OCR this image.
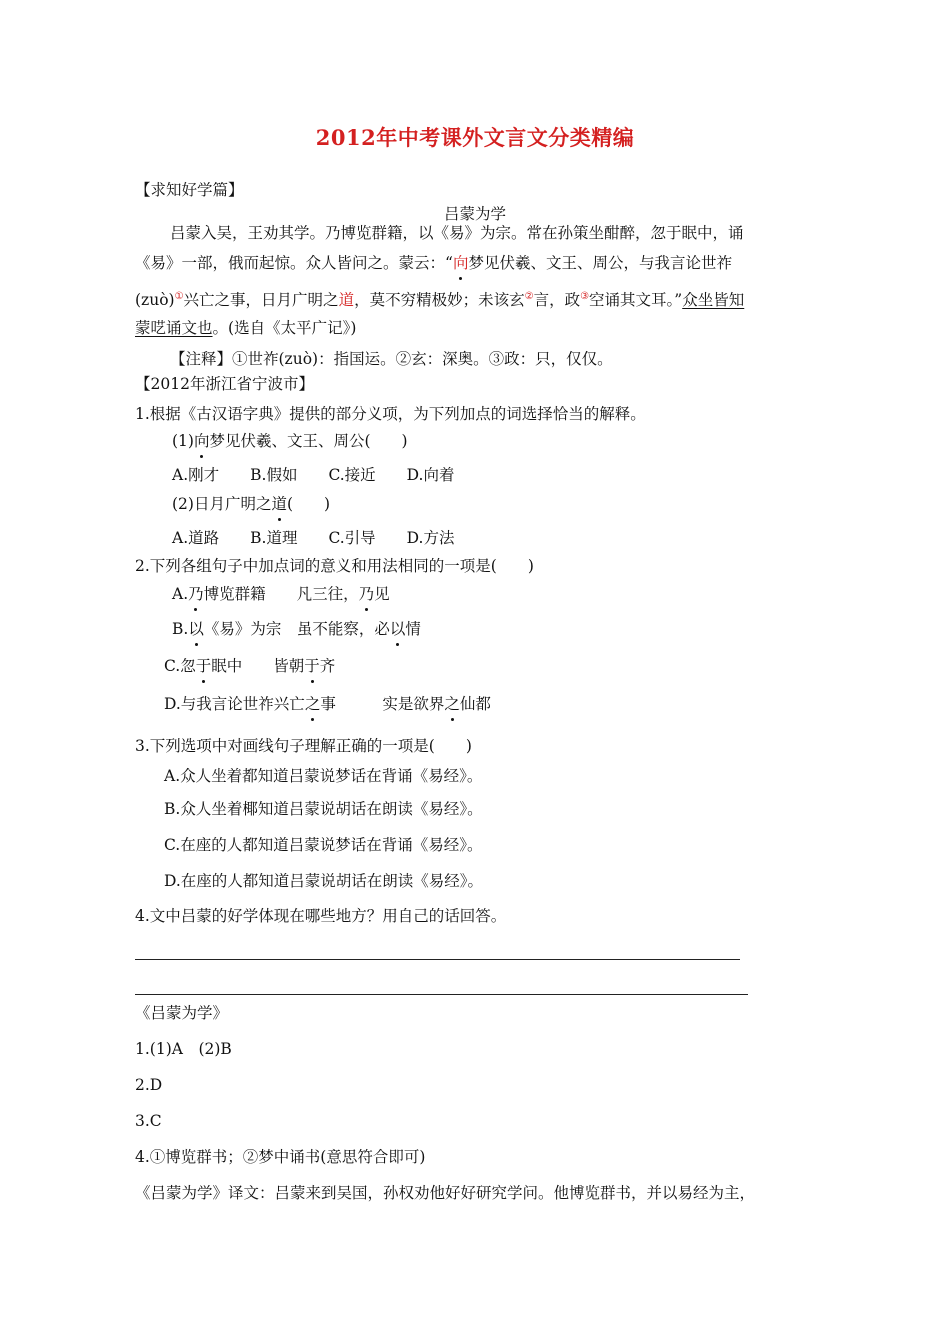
2012年中考课外文言文分类精编
【求知好学篇】
吕蒙为学
吕蒙入吴，王劝其学。乃博览群籍，以《易》为宗。常在孙策坐酣醉，忽于眠中，诵
《易》一部，俄而起惊。众人皆问之。蒙云：“向梦见伏羲、文王、周公，与我言论世祚
(zuò)①兴亡之事，日月广明之道，莫不穷精极妙；未该玄②言，政③空诵其文耳。”众坐皆知
蒙呓诵文也。(选自《太平广记》)
【注释】①世祚(zuò)：指国运。②玄：深奥。③政：只，仅仅。
【2012年浙江省宁波市】
1.根据《古汉语字典》提供的部分义项，为下列加点的词选择恰当的解释。
(1)向梦见伏羲、文王、周公(　　)
A.刚才　　B.假如　　C.接近　　D.向着
(2)日月广明之道(　　)
A.道路　　B.道理　　C.引导　　D.方法
2.下列各组句子中加点词的意义和用法相同的一项是(　　)
A.乃博览群籍　　凡三往，乃见
B.以《易》为宗　虽不能察，必以情
C.忽于眠中　　皆朝于齐
D.与我言论世祚兴亡之事　　　实是欲界之仙都
3.下列选项中对画线句子理解正确的一项是(　　)
A.众人坐着都知道吕蒙说梦话在背诵《易经》。
B.众人坐着椰知道吕蒙说胡话在朗读《易经》。
C.在座的人都知道吕蒙说梦话在背诵《易经》。
D.在座的人都知道吕蒙说胡话在朗读《易经》。
4.文中吕蒙的好学体现在哪些地方？用自己的话回答。
《吕蒙为学》
1.(1)A　(2)B
2.D
3.C
4.①博览群书；②梦中诵书(意思符合即可)
《吕蒙为学》译文：吕蒙来到吴国，孙权劝他好好研究学问。他博览群书，并以易经为主，
